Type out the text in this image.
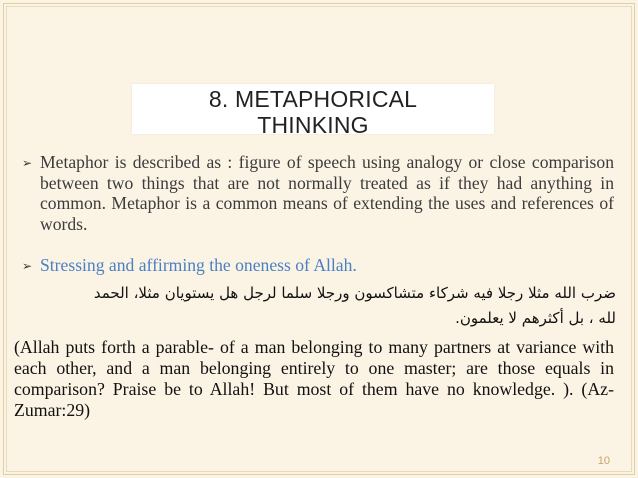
8. METAPHORICAL
THINKING
➢ Metaphor is described as : figure of speech using analogy or close comparison between two things that are not normally treated as if they had anything in common. Metaphor is a common means of extending the uses and references of words.
➢ Stressing and affirming the oneness of Allah.
ضرب الله مثلا رجلا فيه شركاء متشاكسون ورجلا سلما لرجل هل يستويان مثلا، الحمد
لله ، بل أكثرهم لا يعلمون.
(Allah puts forth a parable- of a man belonging to many partners at variance with each other, and a man belonging entirely to one master; are those equals in comparison? Praise be to Allah! But most of them have no knowledge. ). (Az-Zumar:29)
10
